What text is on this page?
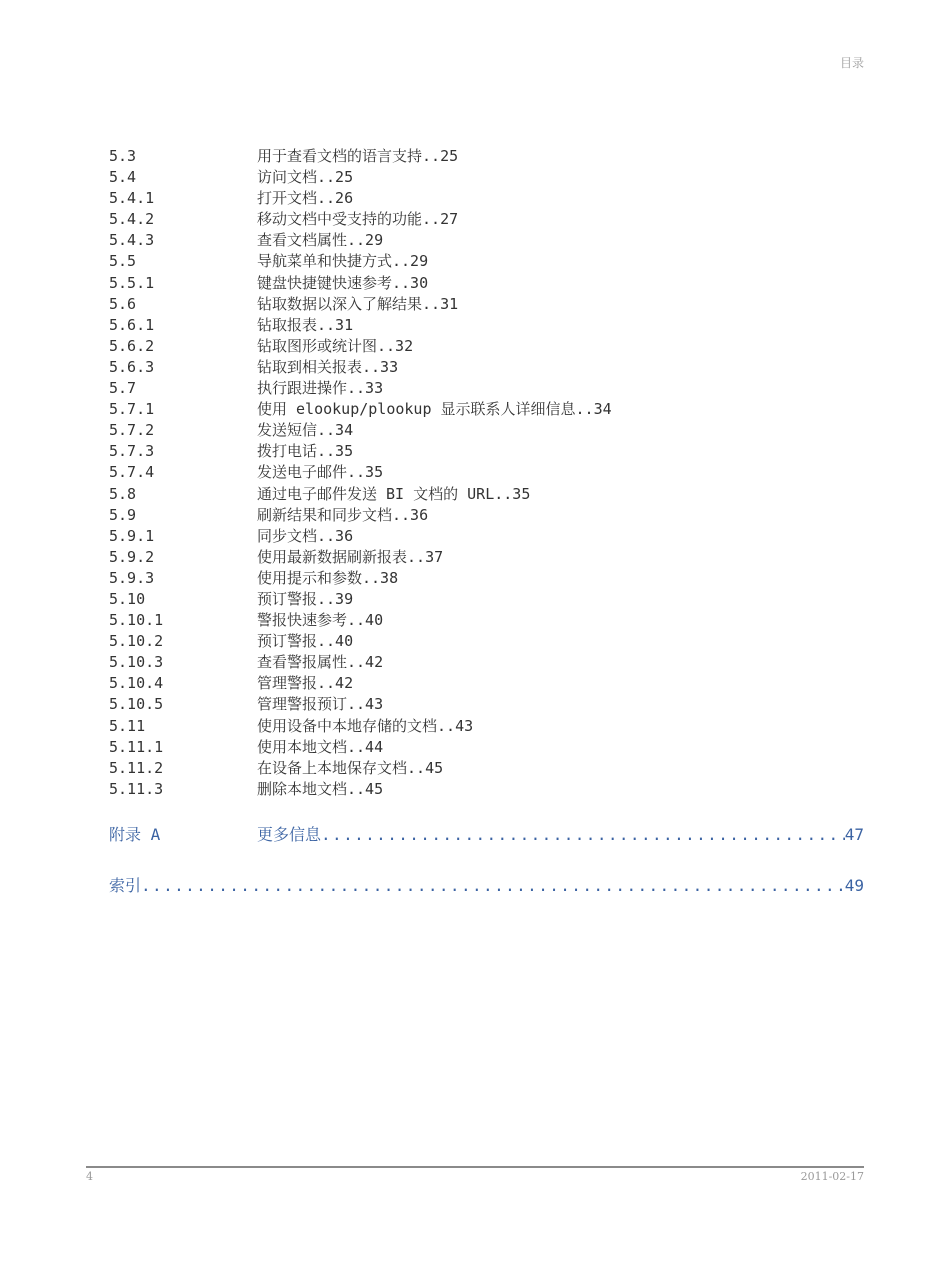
目录
5.3	用于查看文档的语言支持..25
5.4	访问文档..25
5.4.1	打开文档..26
5.4.2	移动文档中受支持的功能..27
5.4.3	查看文档属性..29
5.5	导航菜单和快捷方式..29
5.5.1	键盘快捷键快速参考..30
5.6	钻取数据以深入了解结果..31
5.6.1	钻取报表..31
5.6.2	钻取图形或统计图..32
5.6.3	钻取到相关报表..33
5.7	执行跟进操作..33
5.7.1	使用 elookup/plookup 显示联系人详细信息..34
5.7.2	发送短信..34
5.7.3	拨打电话..35
5.7.4	发送电子邮件..35
5.8	通过电子邮件发送 BI 文档的 URL..35
5.9	刷新结果和同步文档..36
5.9.1	同步文档..36
5.9.2	使用最新数据刷新报表..37
5.9.3	使用提示和参数..38
5.10	预订警报..39
5.10.1	警报快速参考..40
5.10.2	预订警报..40
5.10.3	查看警报属性..42
5.10.4	管理警报..42
5.10.5	管理警报预订..43
5.11	使用设备中本地存储的文档..43
5.11.1	使用本地文档..44
5.11.2	在设备上本地保存文档..45
5.11.3	删除本地文档..45
附录 A	更多信息 .....	47
索引 .....	49
4	2011-02-17
